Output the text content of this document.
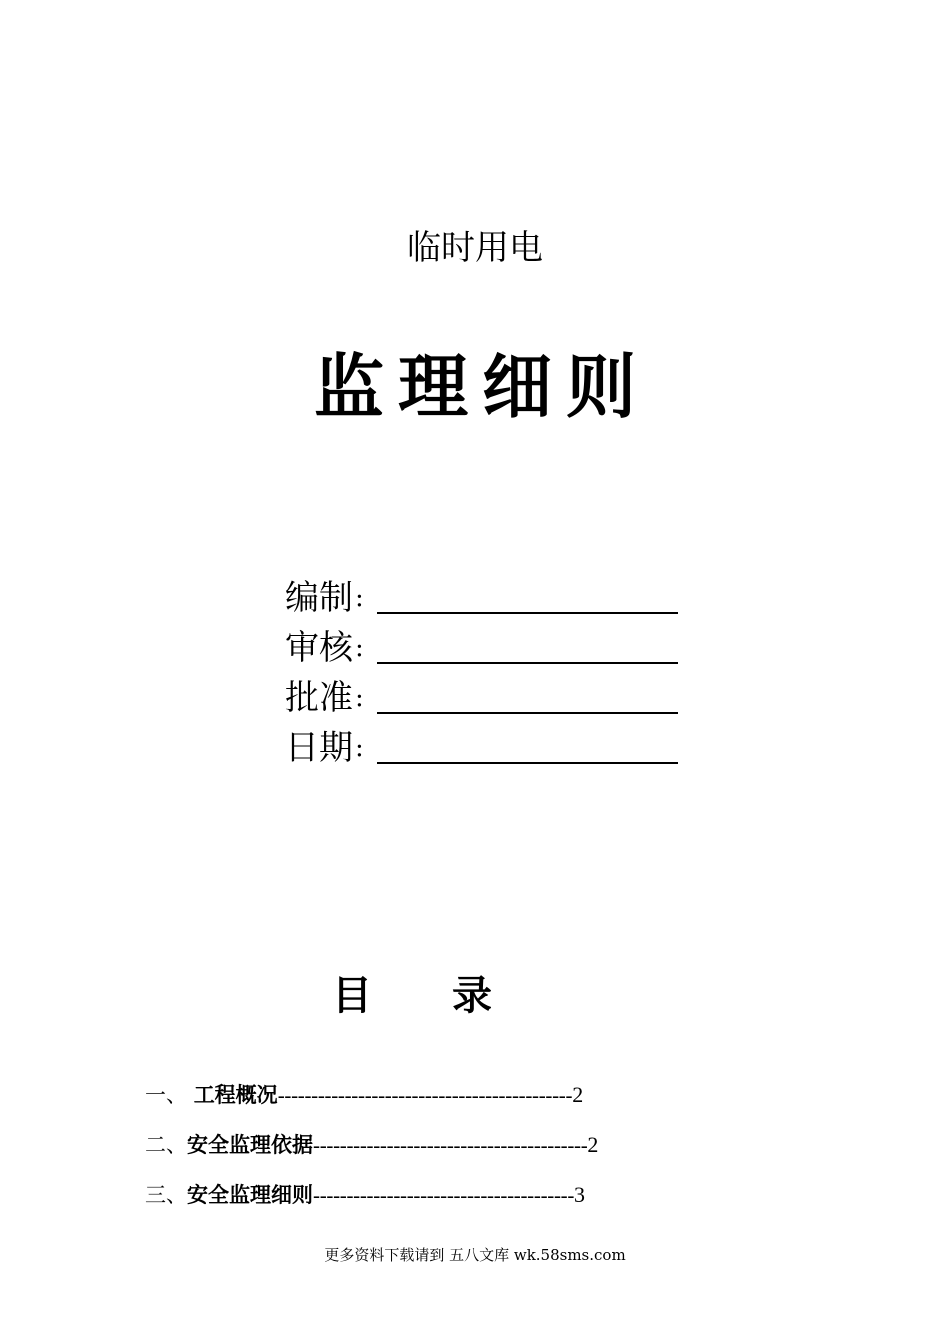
临时用电
监理细则
编制 :
审核 :
批准 :
日期 :
目 录
一、 工程概况--------------------------------------------2
二、安全监理依据-----------------------------------------2
三、安全监理细则---------------------------------------3
更多资料下载请到 五八文库 wk.58sms.com
